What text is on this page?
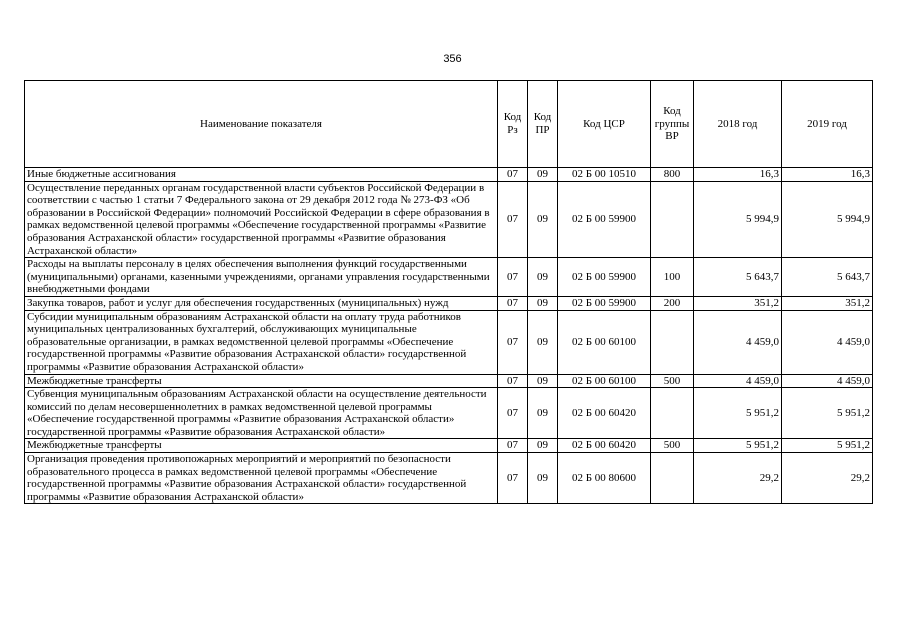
356
Наименование показателя	Код Рз	Код ПР	Код ЦСР	Код группы ВР	2018 год	2019 год
Иные бюджетные ассигнования	07	09	02 Б 00 10510	800	16,3	16,3
Осуществление переданных органам государственной власти субъектов Российской Федерации в соответствии с частью 1 статьи 7 Федерального закона от 29 декабря 2012 года № 273-ФЗ «Об образовании в Российской Федерации» полномочий Российской Федерации в сфере образования в рамках ведомственной целевой программы «Обеспечение государственной программы «Развитие образования Астраханской области» государственной программы «Развитие образования Астраханской области»	07	09	02 Б 00 59900		5 994,9	5 994,9
Расходы на выплаты персоналу в целях обеспечения выполнения функций государственными (муниципальными) органами, казенными учреждениями, органами управления государственными внебюджетными фондами	07	09	02 Б 00 59900	100	5 643,7	5 643,7
Закупка товаров, работ и услуг для обеспечения государственных (муниципальных) нужд	07	09	02 Б 00 59900	200	351,2	351,2
Субсидии муниципальным образованиям Астраханской области на оплату труда работников муниципальных централизованных бухгалтерий, обслуживающих муниципальные образовательные организации, в рамках ведомственной целевой программы «Обеспечение государственной программы «Развитие образования Астраханской области» государственной программы «Развитие образования Астраханской области»	07	09	02 Б 00 60100		4 459,0	4 459,0
Межбюджетные трансферты	07	09	02 Б 00 60100	500	4 459,0	4 459,0
Субвенция муниципальным образованиям Астраханской области на осуществление деятельности комиссий по делам несовершеннолетних в рамках ведомственной целевой программы «Обеспечение государственной программы «Развитие образования Астраханской области» государственной программы «Развитие образования Астраханской области»	07	09	02 Б 00 60420		5 951,2	5 951,2
Межбюджетные трансферты	07	09	02 Б 00 60420	500	5 951,2	5 951,2
Организация проведения противопожарных мероприятий и мероприятий по безопасности образовательного процесса в рамках ведомственной целевой программы «Обеспечение государственной программы «Развитие образования Астраханской области» государственной программы «Развитие образования Астраханской области»	07	09	02 Б 00 80600		29,2	29,2
